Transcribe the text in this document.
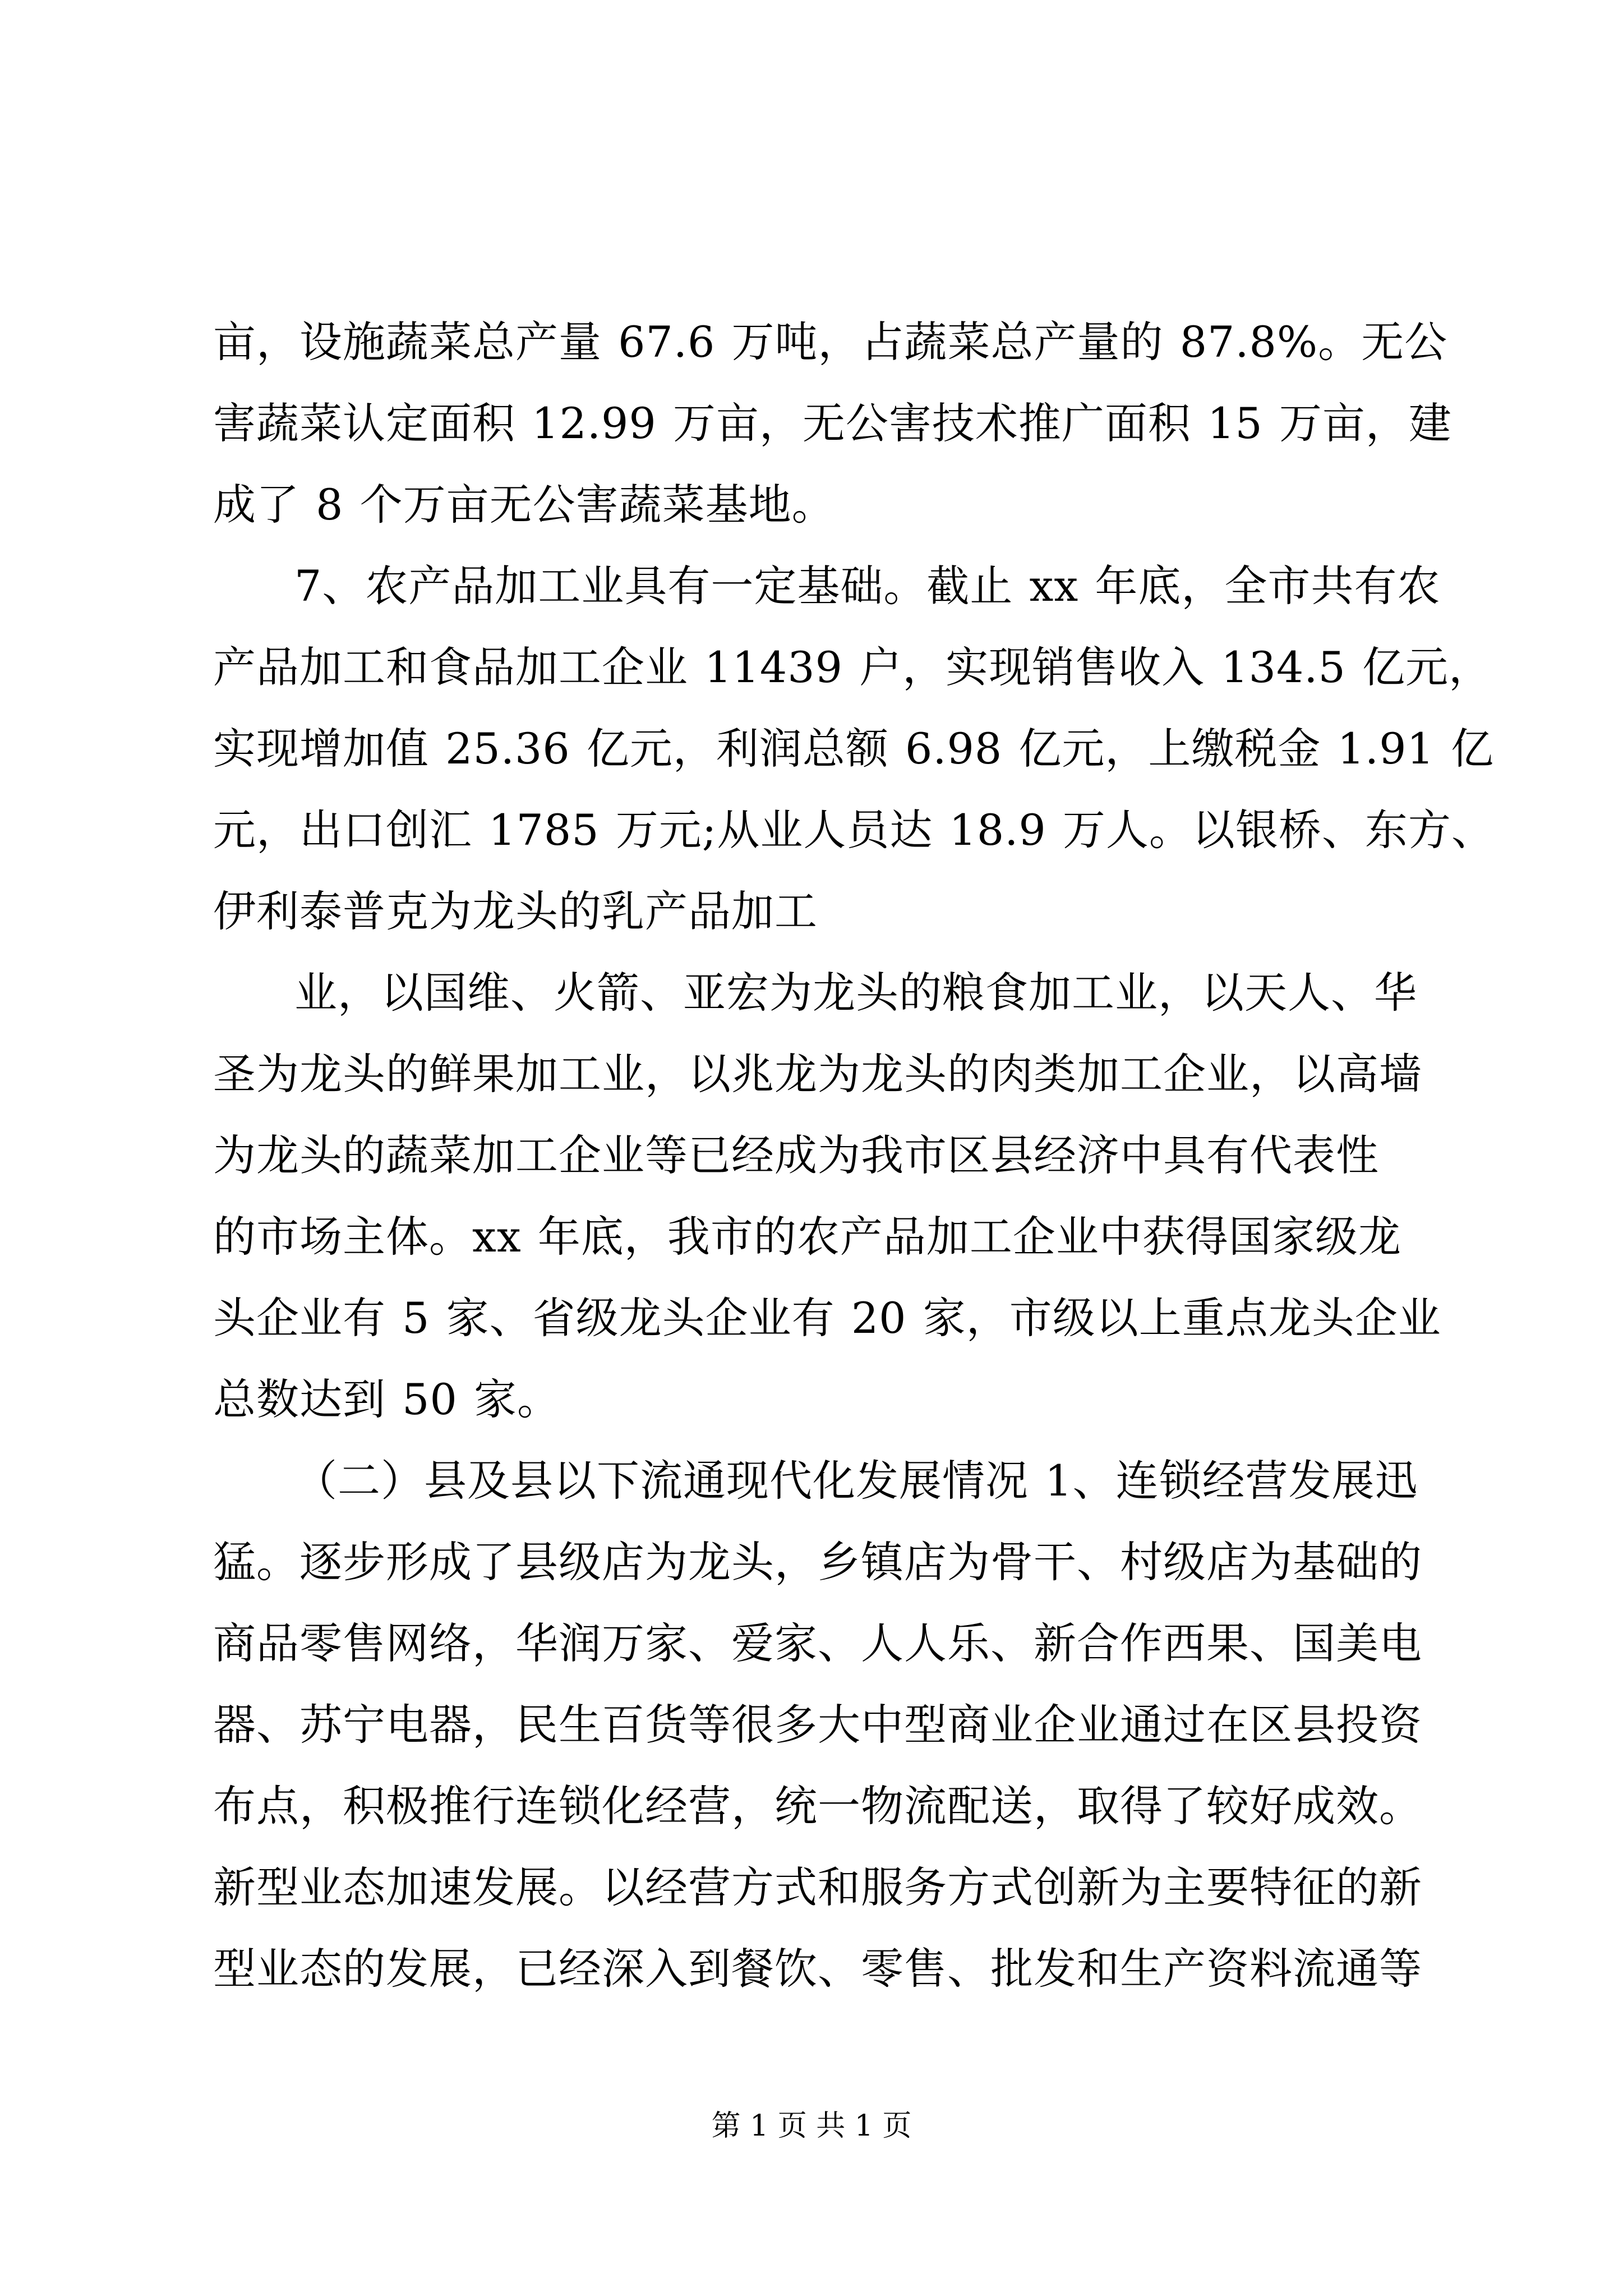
亩，设施蔬菜总产量 67.6 万吨，占蔬菜总产量的 87.8%。无公
害蔬菜认定面积 12.99 万亩，无公害技术推广面积 15 万亩，建
成了 8 个万亩无公害蔬菜基地。
7、农产品加工业具有一定基础。截止 xx 年底，全市共有农
产品加工和食品加工企业 11439 户，实现销售收入 134.5 亿元，
实现增加值 25.36 亿元，利润总额 6.98 亿元，上缴税金 1.91 亿
元，出口创汇 1785 万元;从业人员达 18.9 万人。以银桥、东方、
伊利泰普克为龙头的乳产品加工
业，以国维、火箭、亚宏为龙头的粮食加工业，以天人、华
圣为龙头的鲜果加工业，以兆龙为龙头的肉类加工企业，以高墙
为龙头的蔬菜加工企业等已经成为我市区县经济中具有代表性
的市场主体。xx 年底，我市的农产品加工企业中获得国家级龙
头企业有 5 家、省级龙头企业有 20 家，市级以上重点龙头企业
总数达到 50 家。
（二）县及县以下流通现代化发展情况 1、连锁经营发展迅
猛。逐步形成了县级店为龙头，乡镇店为骨干、村级店为基础的
商品零售网络，华润万家、爱家、人人乐、新合作西果、国美电
器、苏宁电器，民生百货等很多大中型商业企业通过在区县投资
布点，积极推行连锁化经营，统一物流配送，取得了较好成效。
新型业态加速发展。以经营方式和服务方式创新为主要特征的新
型业态的发展，已经深入到餐饮、零售、批发和生产资料流通等
第 1 页 共 1 页
